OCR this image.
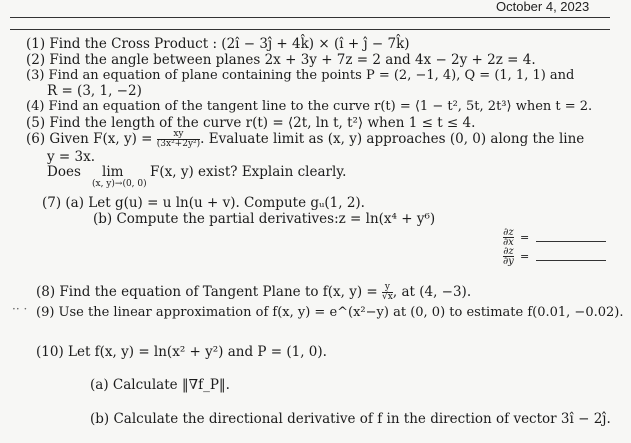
October 4, 2023
(1) Find the Cross Product : (2î − 3ĵ + 4k̂) × (î + ĵ − 7k̂)
(2) Find the angle between planes 2x + 3y + 7z = 2 and 4x − 2y + 2z = 4.
(3) Find an equation of plane containing the points P = (2, −1, 4), Q = (1, 1, 1) and
R = (3, 1, −2)
(4) Find an equation of the tangent line to the curve r(t) = ⟨1 − t², 5t, 2t³⟩ when t = 2.
(5) Find the length of the curve r(t) = ⟨2t, ln t, t²⟩ when 1 ≤ t ≤ 4.
(6) Given F(x, $y) = \frac{xy}{\text{(3x²+2y²)}}$ . Evaluate limit as (x, y) approaches (0, 0) along the line
y = 3x.
Does lim
(x, y)→(0, 0)
F(x, y) exist? Explain clearly.
(7) (a) Let g(u) = u ln(u + v). Compute gᵤ(1, 2).
(b) Compute the partial derivatives:z = ln(x⁴ + y⁶)
∂z
∂x =
∂z
∂y =
(8) Find the equation of Tangent Plane to f(x, $y) = \frac{y}{√x}$ , at (4, −3).
·· · (9) Use the linear approximation of f(x, y) = e^(x²−y) at (0, 0) to estimate f(0.01, −0.02).
(10) Let f(x, y) = ln(x² + y²) and P = (1, 0).
(a) Calculate ‖∇f_P‖.
(b) Calculate the directional derivative of f in the direction of vector 3î − 2ĵ.
